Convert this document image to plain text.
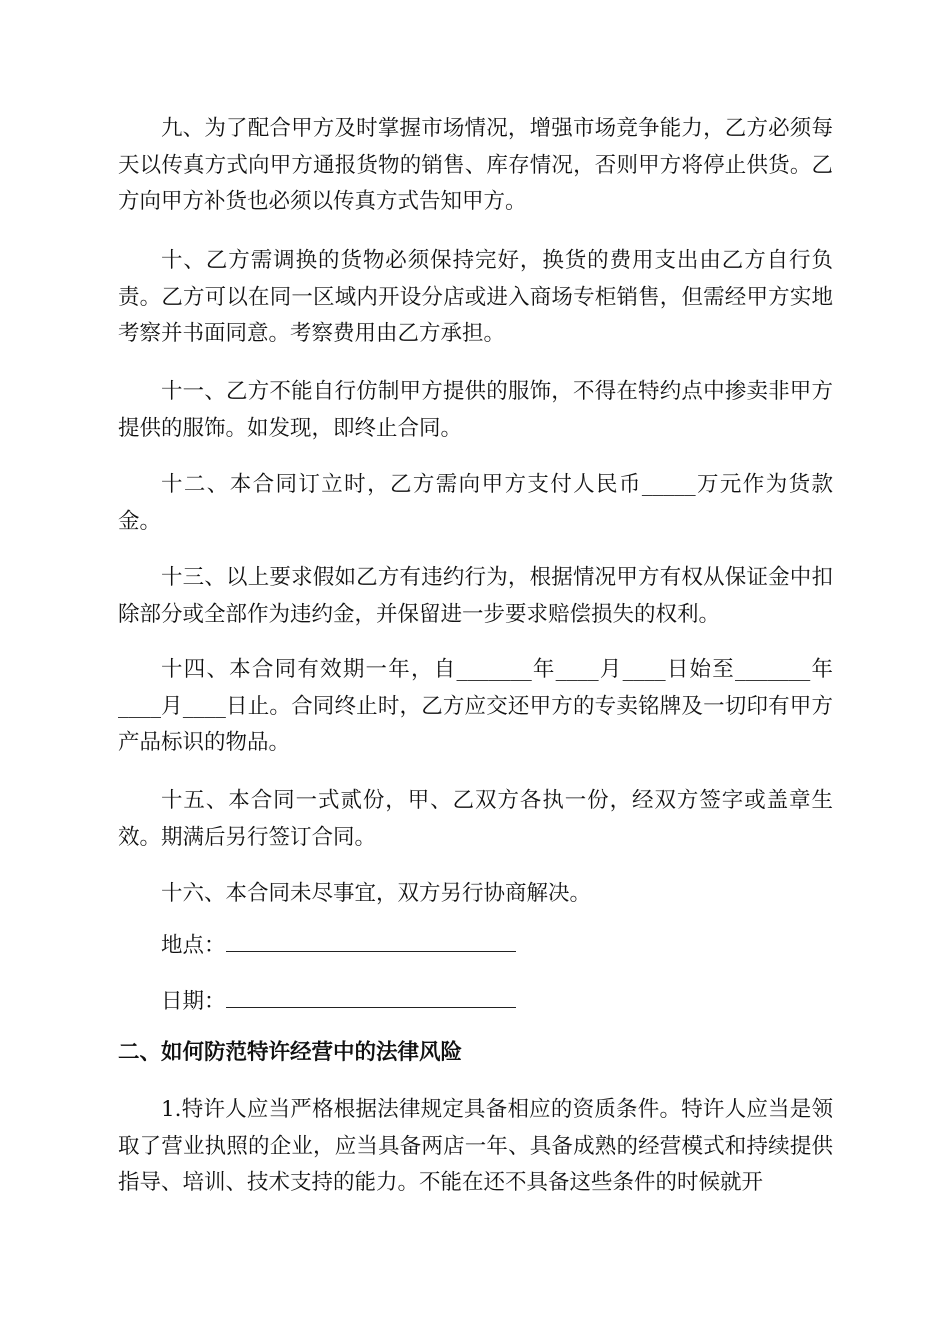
九、为了配合甲方及时掌握市场情况，增强市场竞争能力，乙方必须每天以传真方式向甲方通报货物的销售、库存情况，否则甲方将停止供货。乙方向甲方补货也必须以传真方式告知甲方。

十、乙方需调换的货物必须保持完好，换货的费用支出由乙方自行负责。乙方可以在同一区域内开设分店或进入商场专柜销售，但需经甲方实地考察并书面同意。考察费用由乙方承担。

十一、乙方不能自行仿制甲方提供的服饰，不得在特约点中掺卖非甲方提供的服饰。如发现，即终止合同。

十二、本合同订立时，乙方需向甲方支付人民币_____万元作为货款金。

十三、以上要求假如乙方有违约行为，根据情况甲方有权从保证金中扣除部分或全部作为违约金，并保留进一步要求赔偿损失的权利。

十四、本合同有效期一年，自_______年____月____日始至_______年____月____日止。合同终止时，乙方应交还甲方的专卖铭牌及一切印有甲方产品标识的物品。

十五、本合同一式贰份，甲、乙双方各执一份，经双方签字或盖章生效。期满后另行签订合同。

十六、本合同未尽事宜，双方另行协商解决。

地点：
日期：
二、如何防范特许经营中的法律风险

1.特许人应当严格根据法律规定具备相应的资质条件。特许人应当是领取了营业执照的企业，应当具备两店一年、具备成熟的经营模式和持续提供指导、培训、技术支持的能力。不能在还不具备这些条件的时候就开
